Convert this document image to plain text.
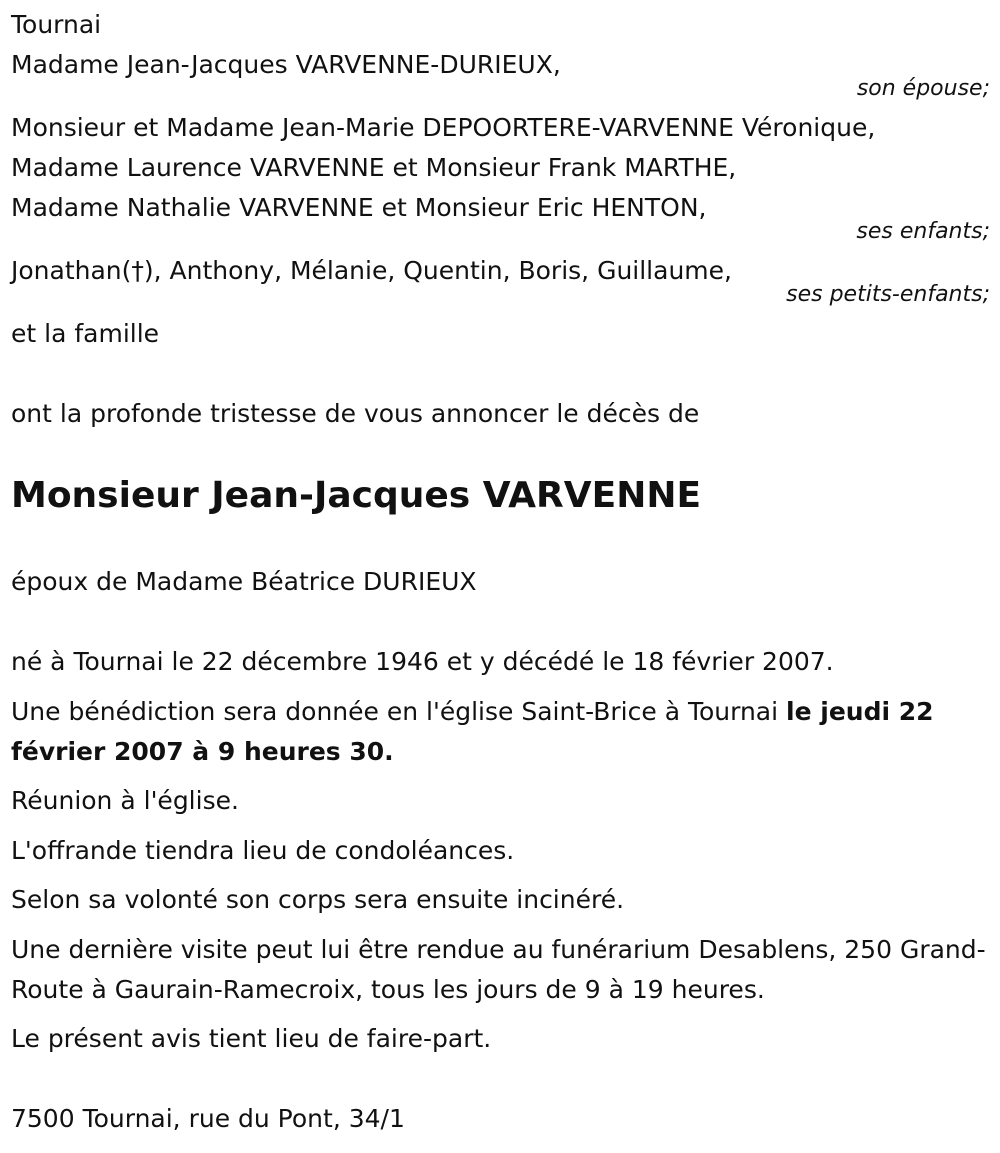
Tournai
Madame Jean-Jacques VARVENNE-DURIEUX,
son épouse;
Monsieur et Madame Jean-Marie DEPOORTERE-VARVENNE Véronique,
Madame Laurence VARVENNE et Monsieur Frank MARTHE,
Madame Nathalie VARVENNE et Monsieur Eric HENTON,
ses enfants;
Jonathan(†), Anthony, Mélanie, Quentin, Boris, Guillaume,
ses petits-enfants;
et la famille
ont la profonde tristesse de vous annoncer le décès de
Monsieur Jean-Jacques VARVENNE
époux de Madame Béatrice DURIEUX
né à Tournai le 22 décembre 1946 et y décédé le 18 février 2007.
Une bénédiction sera donnée en l'église Saint-Brice à Tournai le jeudi 22 février 2007 à 9 heures 30.
Réunion à l'église.
L'offrande tiendra lieu de condoléances.
Selon sa volonté son corps sera ensuite incinéré.
Une dernière visite peut lui être rendue au funérarium Desablens, 250 Grand-Route à Gaurain-Ramecroix, tous les jours de 9 à 19 heures.
Le présent avis tient lieu de faire-part.
7500 Tournai, rue du Pont, 34/1
